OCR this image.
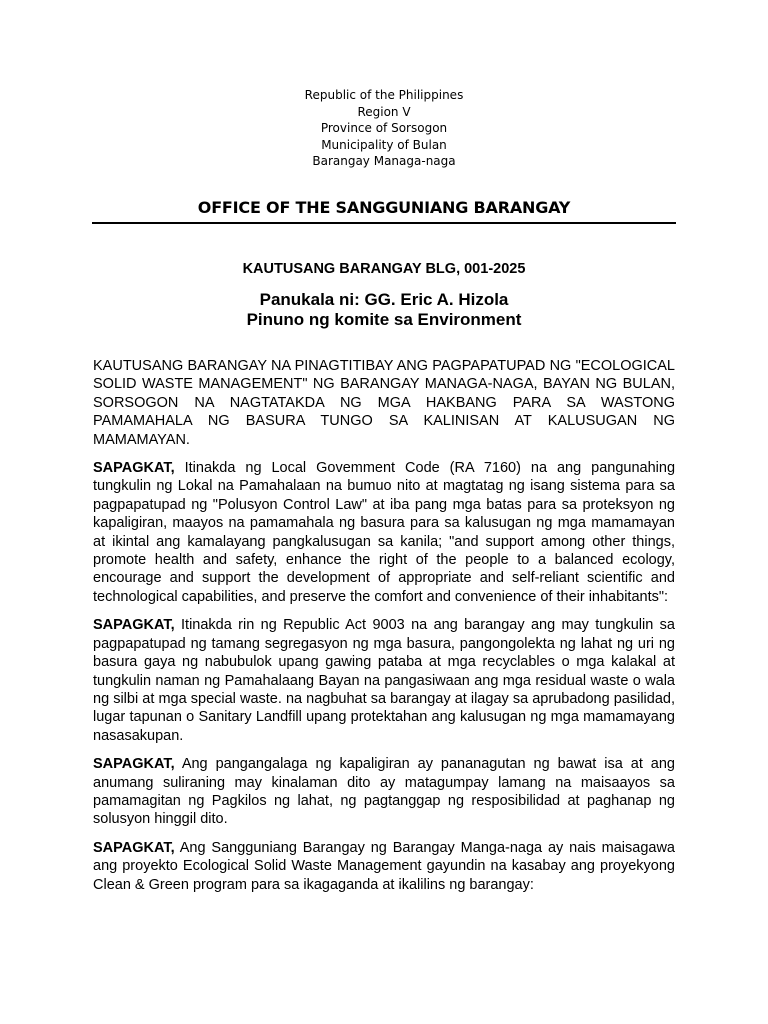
Republic of the Philippines
Region V
Province of Sorsogon
Municipality of Bulan
Barangay Managa-naga
OFFICE OF THE SANGGUNIANG BARANGAY
KAUTUSANG BARANGAY BLG, 001-2025
Panukala ni: GG. Eric A. Hizola
Pinuno ng komite sa Environment

KAUTUSANG BARANGAY NA PINAGTITIBAY ANG PAGPAPATUPAD NG "ECOLOGICAL SOLID WASTE MANAGEMENT" NG BARANGAY MANAGA-NAGA, BAYAN NG BULAN, SORSOGON NA NAGTATAKDA NG MGA HAKBANG PARA SA WASTONG PAMAMAHALA NG BASURA TUNGO SA KALINISAN AT KALUSUGAN NG MAMAMAYAN.

SAPAGKAT, Itinakda ng Local Govemment Code (RA 7160) na ang pangunahing tungkulin ng Lokal na Pamahalaan na bumuo nito at magtatag ng isang sistema para sa pagpapatupad ng "Polusyon Control Law" at iba pang mga batas para sa proteksyon ng kapaligiran, maayos na pamamahala ng basura para sa kalusugan ng mga mamamayan at ikintal ang kamalayang pangkalusugan sa kanila; "and support among other things, promote health and safety, enhance the right of the people to a balanced ecology, encourage and support the development of appropriate and self-reliant scientific and technological capabilities, and preserve the comfort and convenience of their inhabitants":

SAPAGKAT, Itinakda rin ng Republic Act 9003 na ang barangay ang may tungkulin sa pagpapatupad ng tamang segregasyon ng mga basura, pangongolekta ng lahat ng uri ng basura gaya ng nabubulok upang gawing pataba at mga recyclables o mga kalakal at tungkulin naman ng Pamahalaang Bayan na pangasiwaan ang mga residual waste o wala ng silbi at mga special waste. na nagbuhat sa barangay at ilagay sa aprubadong pasilidad, lugar tapunan o Sanitary Landfill upang protektahan ang kalusugan ng mga mamamayang nasasakupan.

SAPAGKAT, Ang pangangalaga ng kapaligiran ay pananagutan ng bawat isa at ang anumang suliraning may kinalaman dito ay matagumpay lamang na maisaayos sa pamamagitan ng Pagkilos ng lahat, ng pagtanggap ng resposibilidad at paghanap ng solusyon hinggil dito.

SAPAGKAT, Ang Sangguniang Barangay ng Barangay Manga-naga ay nais maisagawa ang proyekto Ecological Solid Waste Management gayundin na kasabay ang proyekyong Clean & Green program para sa ikagaganda at ikalilins ng barangay:
